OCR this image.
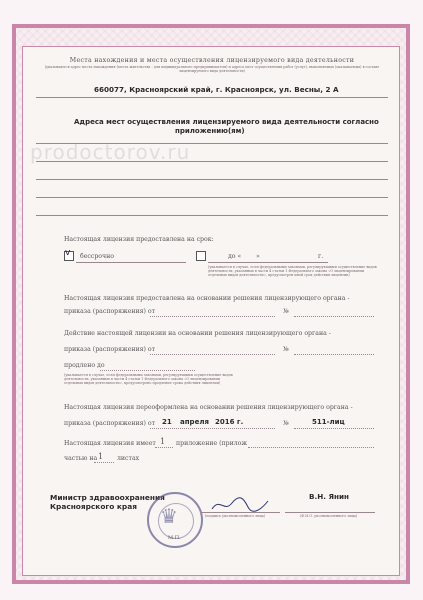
Места нахождения и места осуществления лицензируемого вида деятельности
(указываются адрес места нахождения (места жительства - для индивидуального предпринимателя) и адреса мест осуществления работ (услуг), выполняемых (оказываемых) в составе лицензируемого вида деятельности)
660077, Красноярский край, г. Красноярск, ул. Весны, 2 А
Адреса мест осуществления лицензируемого вида деятельности согласно
приложению(ям)
prodoctorov.ru
Настоящая лицензия предоставлена на срок:
v бессрочно	до « »	г.
(указывается в случае, если федеральными законами, регулирующими осуществление видов деятельности, указанных в части 4 статьи 1 Федерального закона «О лицензировании отдельных видов деятельности», предусмотрен иной срок действия лицензии)
Настоящая лицензия предоставлена на основании решения лицензирующего органа -
приказа (распоряжения) от	№
Действие настоящей лицензии на основании решения лицензирующего органа -
приказа (распоряжения) от	№
продлено до
(указывается в случае, если федеральными законами, регулирующими осуществление видов деятельности, указанных в части 4 статьи 1 Федерального закона «О лицензировании отдельных видов деятельности», предусмотрено продление срока действия лицензии)
Настоящая лицензия переоформлена на основании решения лицензирующего органа -
приказа (распоряжения) от 21 апреля 2016 г.	№	511-лиц
Настоящая лицензия имеет 1 приложение (прилож
частью на 1 листах
Министр здравоохранения
Красноярского края ♛
В.Н. Янин
(подпись уполномоченного лица)	(Ф.И.О. уполномоченного лица)
М.П.
